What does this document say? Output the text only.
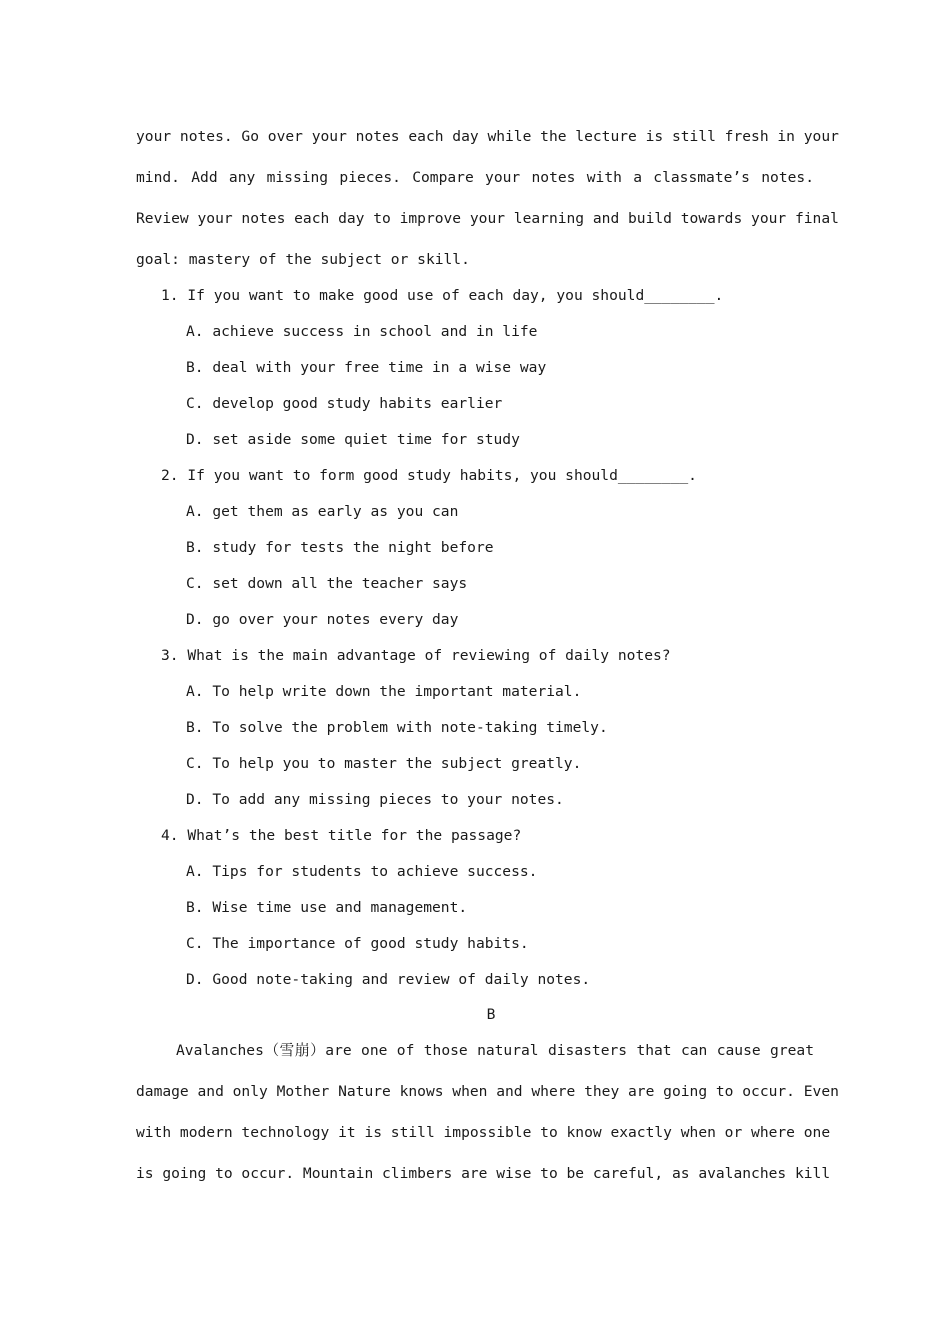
your notes. Go over your notes each day while the lecture is still fresh in your
mind. Add any missing pieces. Compare your notes with a classmate’s notes.
Review your notes each day to improve your learning and build towards your final
goal: mastery of the subject or skill.
1. If you want to make good use of each day, you should________.
A. achieve success in school and in life
B. deal with your free time in a wise way
C. develop good study habits earlier
D. set aside some quiet time for study
2. If you want to form good study habits, you should________.
A. get them as early as you can
B. study for tests the night before
C. set down all the teacher says
D. go over your notes every day
3. What is the main advantage of reviewing of daily notes?
A. To help write down the important material.
B. To solve the problem with note-taking timely.
C. To help you to master the subject greatly.
D. To add any missing pieces to your notes.
4. What’s the best title for the passage?
A. Tips for students to achieve success.
B. Wise time use and management.
C. The importance of good study habits.
D. Good note-taking and review of daily notes.
B
Avalanches（雪崩）are one of those natural disasters that can cause great
damage and only Mother Nature knows when and where they are going to occur. Even
with modern technology it is still impossible to know exactly when or where one
is going to occur. Mountain climbers are wise to be careful, as avalanches kill
